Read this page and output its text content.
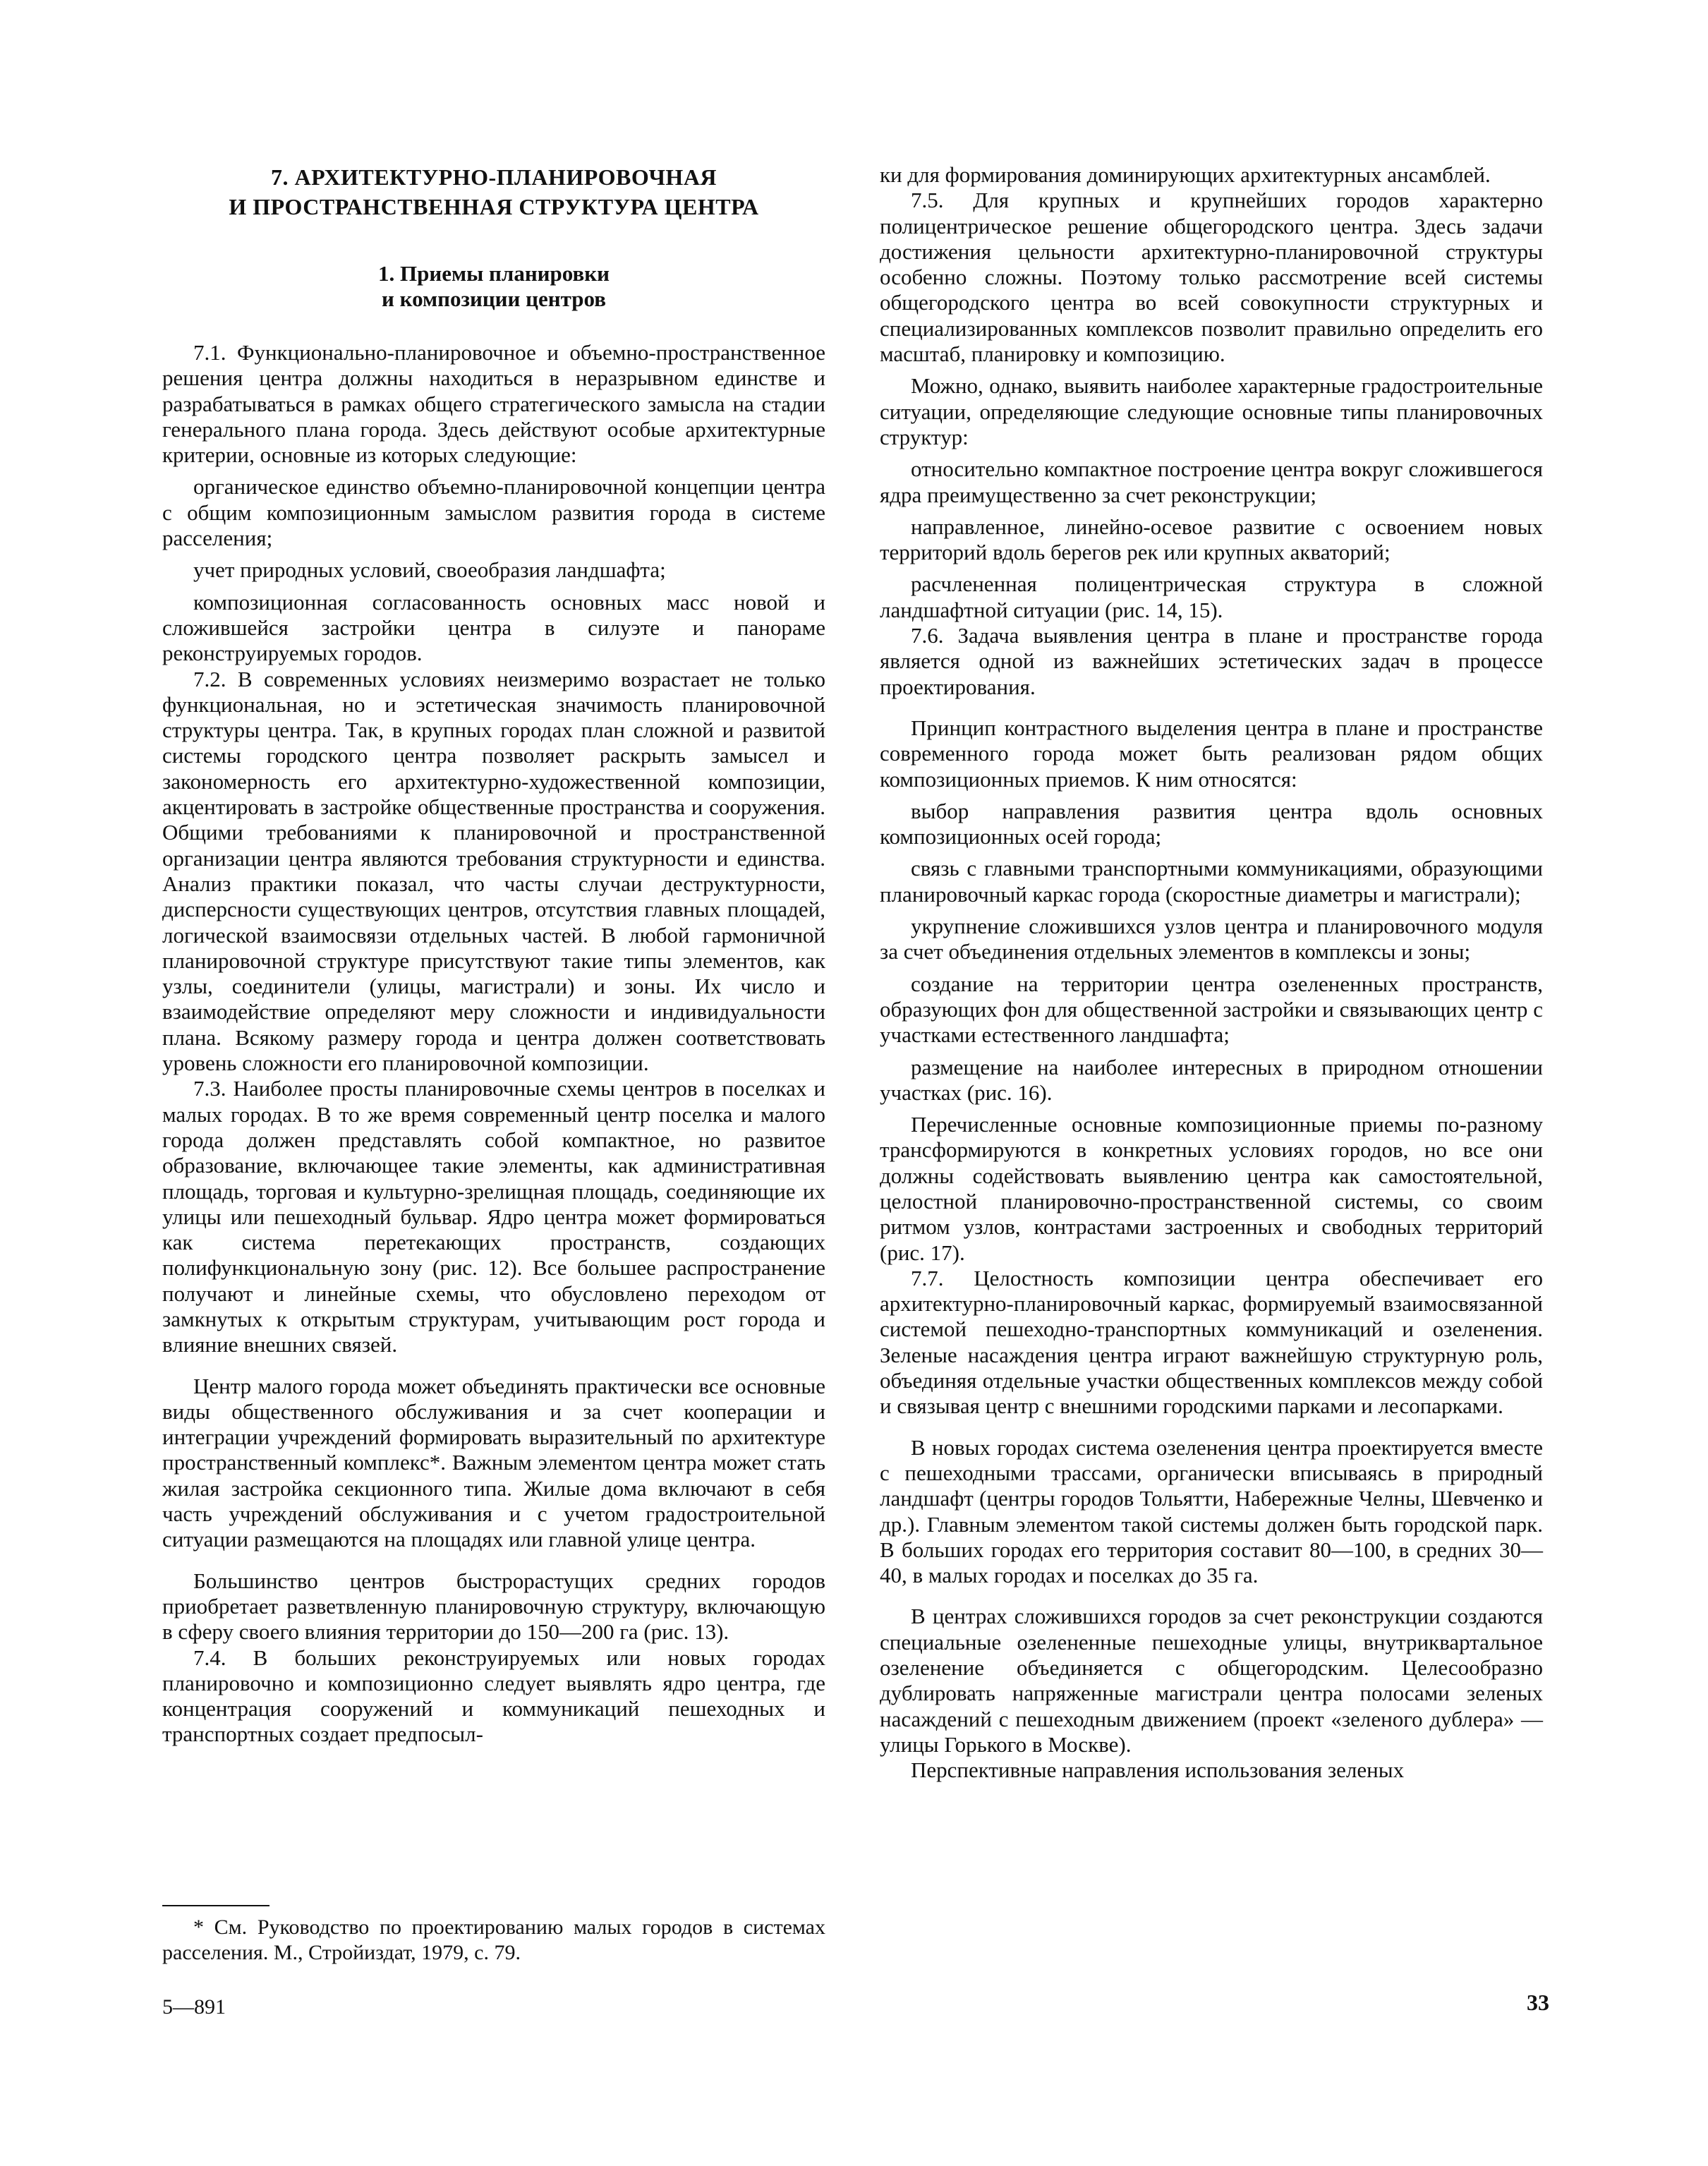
7. АРХИТЕКТУРНО-ПЛАНИРОВОЧНАЯ
И ПРОСТРАНСТВЕННАЯ СТРУКТУРА ЦЕНТРА
1. Приемы планировки
и композиции центров

7.1. Функционально-планировочное и объемно-пространственное решения центра должны находиться в неразрывном единстве и разрабатываться в рамках общего стратегического замысла на стадии генерального плана города. Здесь действуют особые архитектурные критерии, основные из которых следующие:

органическое единство объемно-планировочной концепции центра с общим композиционным замыслом развития города в системе расселения;

учет природных условий, своеобразия ландшафта;

композиционная согласованность основных масс новой и сложившейся застройки центра в силуэте и панораме реконструируемых городов.

7.2. В современных условиях неизмеримо возрастает не только функциональная, но и эстетическая значимость планировочной структуры центра. Так, в крупных городах план сложной и развитой системы городского центра позволяет раскрыть замысел и закономерность его архитектурно-художественной композиции, акцентировать в застройке общественные пространства и сооружения. Общими требованиями к планировочной и пространственной организации центра являются требования структурности и единства. Анализ практики показал, что часты случаи деструктурности, дисперсности существующих центров, отсутствия главных площадей, логической взаимосвязи отдельных частей. В любой гармоничной планировочной структуре присутствуют такие типы элементов, как узлы, соединители (улицы, магистрали) и зоны. Их число и взаимодействие определяют меру сложности и индивидуальности плана. Всякому размеру города и центра должен соответствовать уровень сложности его планировочной композиции.

7.3. Наиболее просты планировочные схемы центров в поселках и малых городах. В то же время современный центр поселка и малого города должен представлять собой компактное, но развитое образование, включающее такие элементы, как административная площадь, торговая и культурно-зрелищная площадь, соединяющие их улицы или пешеходный бульвар. Ядро центра может формироваться как система перетекающих пространств, создающих полифункциональную зону (рис. 12). Все большее распространение получают и линейные схемы, что обусловлено переходом от замкнутых к открытым структурам, учитывающим рост города и влияние внешних связей.

Центр малого города может объединять практически все основные виды общественного обслуживания и за счет кооперации и интеграции учреждений формировать выразительный по архитектуре пространственный комплекс*. Важным элементом центра может стать жилая застройка секционного типа. Жилые дома включают в себя часть учреждений обслуживания и с учетом градостроительной ситуации размещаются на площадях или главной улице центра.

Большинство центров быстрорастущих средних городов приобретает разветвленную планировочную структуру, включающую в сферу своего влияния территории до 150—200 га (рис. 13).

7.4. В больших реконструируемых или новых городах планировочно и композиционно следует выявлять ядро центра, где концентрация сооружений и коммуникаций пешеходных и транспортных создает предпосыл-

ки для формирования доминирующих архитектурных ансамблей.

7.5. Для крупных и крупнейших городов характерно полицентрическое решение общегородского центра. Здесь задачи достижения цельности архитектурно-планировочной структуры особенно сложны. Поэтому только рассмотрение всей системы общегородского центра во всей совокупности структурных и специализированных комплексов позволит правильно определить его масштаб, планировку и композицию.

Можно, однако, выявить наиболее характерные градостроительные ситуации, определяющие следующие основные типы планировочных структур:

относительно компактное построение центра вокруг сложившегося ядра преимущественно за счет реконструкции;

направленное, линейно-осевое развитие с освоением новых территорий вдоль берегов рек или крупных акваторий;

расчлененная полицентрическая структура в сложной ландшафтной ситуации (рис. 14, 15).

7.6. Задача выявления центра в плане и пространстве города является одной из важнейших эстетических задач в процессе проектирования.

Принцип контрастного выделения центра в плане и пространстве современного города может быть реализован рядом общих композиционных приемов. К ним относятся:

выбор направления развития центра вдоль основных композиционных осей города;

связь с главными транспортными коммуникациями, образующими планировочный каркас города (скоростные диаметры и магистрали);

укрупнение сложившихся узлов центра и планировочного модуля за счет объединения отдельных элементов в комплексы и зоны;

создание на территории центра озелененных пространств, образующих фон для общественной застройки и связывающих центр с участками естественного ландшафта;

размещение на наиболее интересных в природном отношении участках (рис. 16).

Перечисленные основные композиционные приемы по-разному трансформируются в конкретных условиях городов, но все они должны содействовать выявлению центра как самостоятельной, целостной планировочно-пространственной системы, со своим ритмом узлов, контрастами застроенных и свободных территорий (рис. 17).

7.7. Целостность композиции центра обеспечивает его архитектурно-планировочный каркас, формируемый взаимосвязанной системой пешеходно-транспортных коммуникаций и озеленения. Зеленые насаждения центра играют важнейшую структурную роль, объединяя отдельные участки общественных комплексов между собой и связывая центр с внешними городскими парками и лесопарками.

В новых городах система озеленения центра проектируется вместе с пешеходными трассами, органически вписываясь в природный ландшафт (центры городов Тольятти, Набережные Челны, Шевченко и др.). Главным элементом такой системы должен быть городской парк. В больших городах его территория составит 80—100, в средних 30—40, в малых городах и поселках до 35 га.

В центрах сложившихся городов за счет реконструкции создаются специальные озелененные пешеходные улицы, внутриквартальное озеленение объединяется с общегородским. Целесообразно дублировать напряженные магистрали центра полосами зеленых насаждений с пешеходным движением (проект «зеленого дублера» — улицы Горького в Москве).

Перспективные направления использования зеленых

* См. Руководство по проектированию малых городов в системах расселения. М., Стройиздат, 1979, с. 79.
5—891	33
